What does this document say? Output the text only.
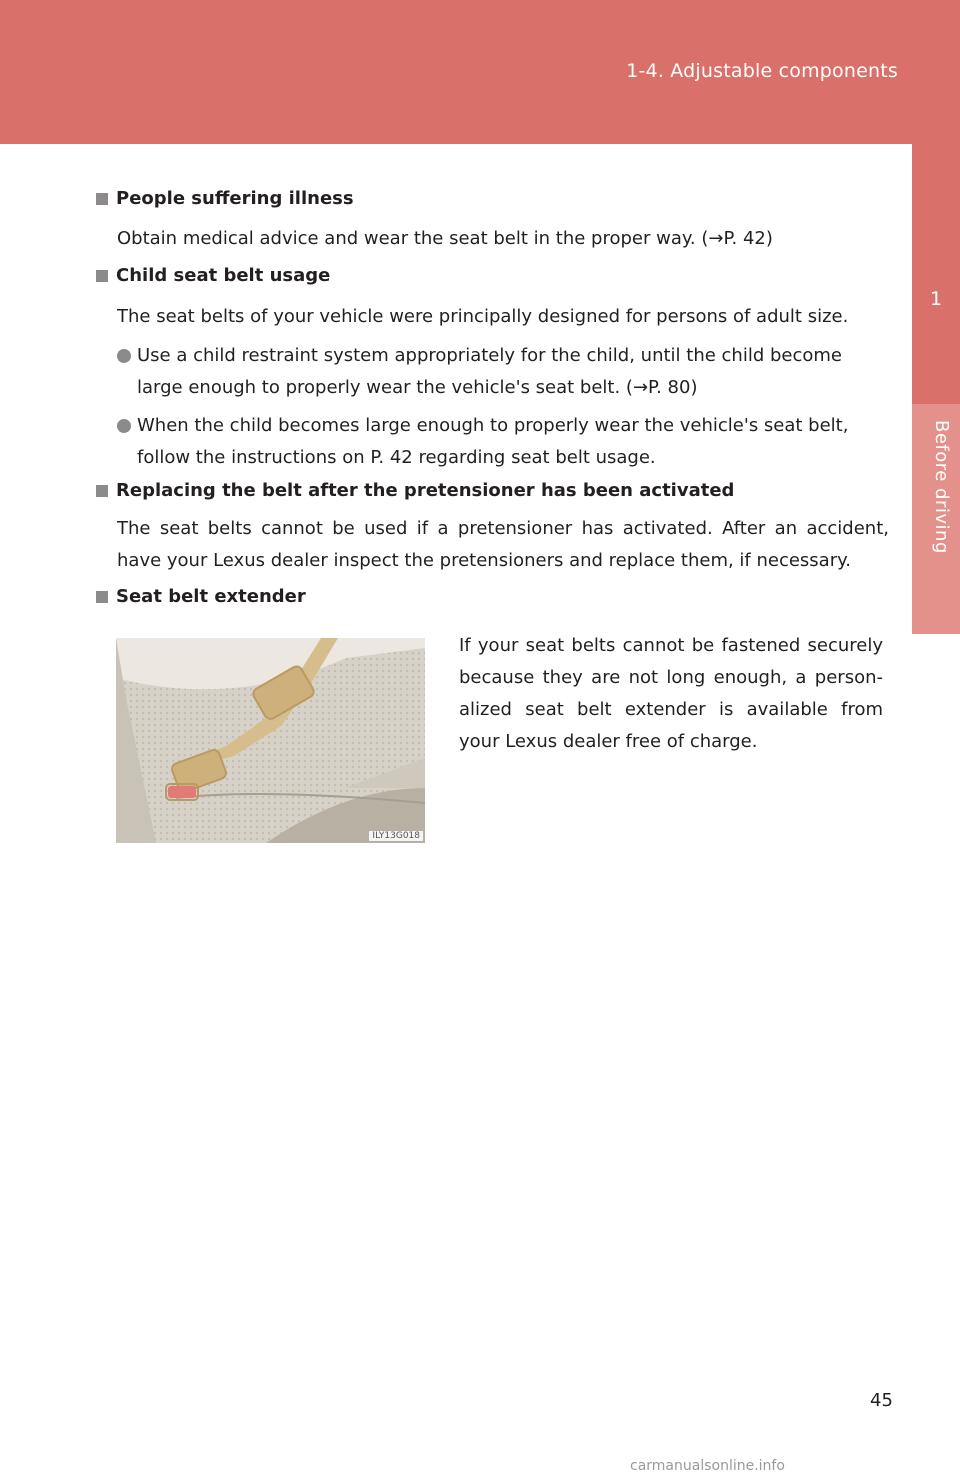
1-4. Adjustable components
1
Before driving
People suffering illness
Obtain medical advice and wear the seat belt in the proper way. (→P. 42)
Child seat belt usage
The seat belts of your vehicle were principally designed for persons of adult size.
Use a child restraint system appropriately for the child, until the child become large enough to properly wear the vehicle's seat belt. (→P. 80)
When the child becomes large enough to properly wear the vehicle's seat belt, follow the instructions on P. 42 regarding seat belt usage.
Replacing the belt after the pretensioner has been activated
The seat belts cannot be used if a pretensioner has activated. After an accident, have your Lexus dealer inspect the pretensioners and replace them, if necessary.
Seat belt extender
ILY13G018
If your seat belts cannot be fastened securely because they are not long enough, a person-alized seat belt extender is available from your Lexus dealer free of charge.
45
carmanualsonline.info
